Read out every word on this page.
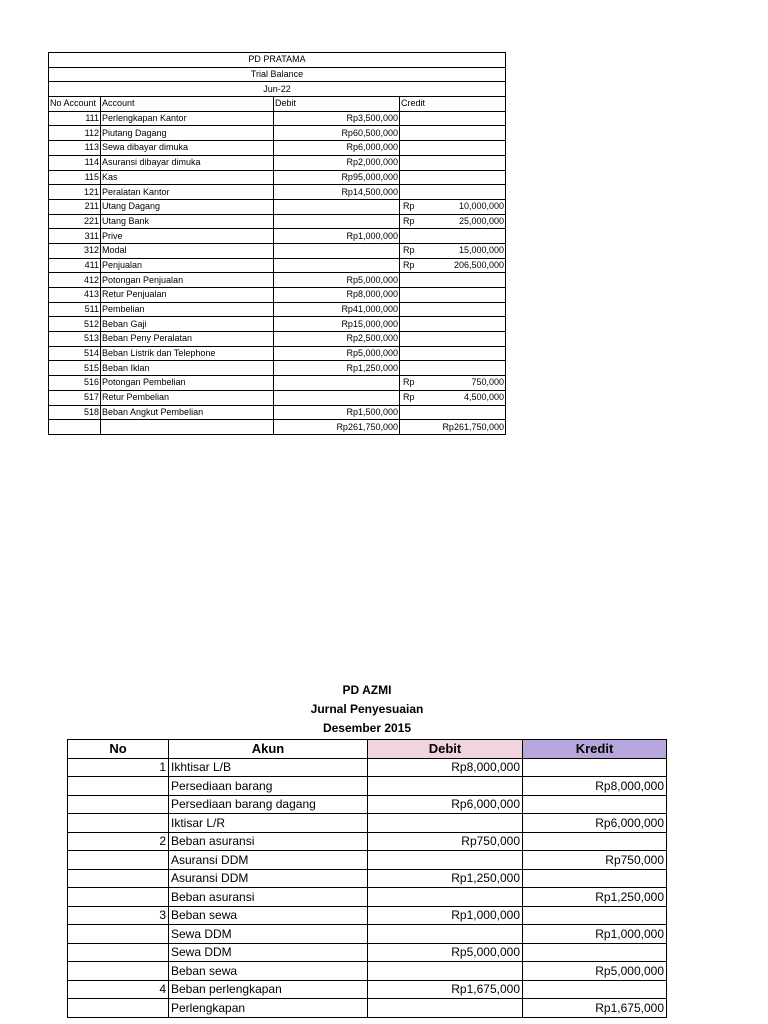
PD PRATAMA			
Trial Balance			
Jun-22			
No Account	Account	Debit	Credit
111	Perlengkapan Kantor	Rp3,500,000	

112	Piutang Dagang	Rp60,500,000	

113	Sewa dibayar dimuka	Rp6,000,000	

114	Asuransi dibayar dimuka	Rp2,000,000	

115	Kas	Rp95,000,000	

121	Peralatan Kantor	Rp14,500,000	

211	Utang Dagang		Rp 10,000,000

221	Utang Bank		Rp 25,000,000

311	Prive	Rp1,000,000	

312	Modal		Rp 15,000,000

411	Penjualan		Rp 206,500,000

412	Potongan Penjualan	Rp5,000,000	

413	Retur Penjualan	Rp8,000,000	

511	Pembelian	Rp41,000,000	

512	Beban Gaji	Rp15,000,000	

513	Beban Peny Peralatan	Rp2,500,000	

514	Beban Listrik dan Telephone	Rp5,000,000	

515	Beban Iklan	Rp1,250,000	

516	Potongan Pembelian		Rp 750,000

517	Retur Pembelian		Rp 4,500,000

518	Beban Angkut Pembelian	Rp1,500,000	

		Rp261,750,000	Rp261,750,000
PD AZMI
Jurnal Penyesuaian
Desember 2015
No	Akun	Debit	Kredit
1	Ikhtisar L/B	Rp8,000,000	
	Persediaan barang		Rp8,000,000
	Persediaan barang dagang	Rp6,000,000	
	Iktisar L/R		Rp6,000,000
2	Beban asuransi	Rp750,000	
	Asuransi DDM		Rp750,000
	Asuransi DDM	Rp1,250,000	
	Beban asuransi		Rp1,250,000
3	Beban sewa	Rp1,000,000	
	Sewa DDM		Rp1,000,000
	Sewa DDM	Rp5,000,000	
	Beban sewa		Rp5,000,000
4	Beban perlengkapan	Rp1,675,000	
	Perlengkapan		Rp1,675,000
